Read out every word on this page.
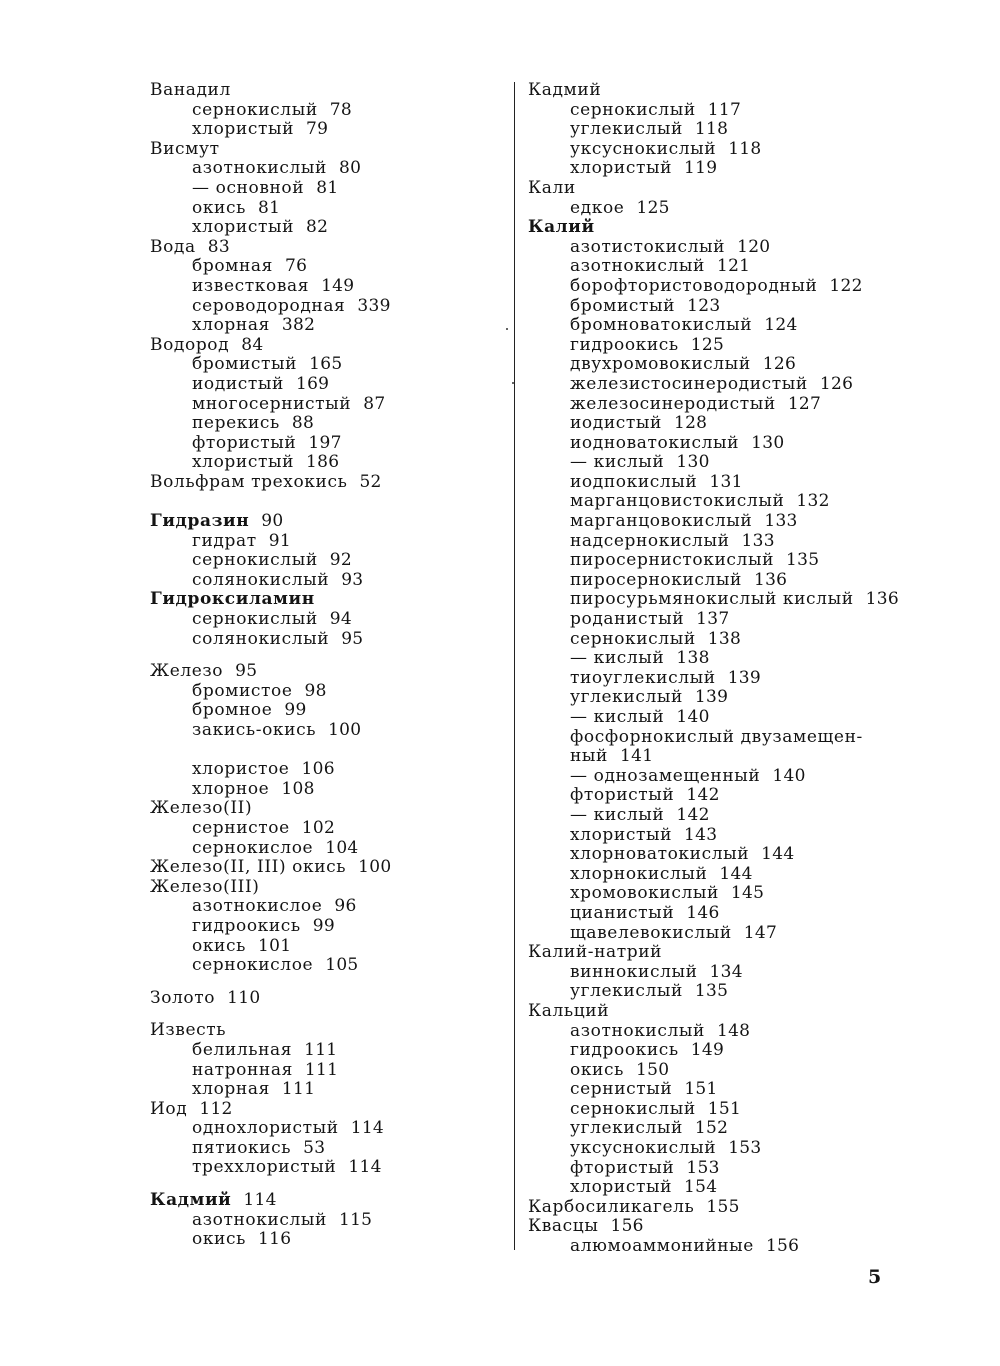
Ванадил
сернокислый 78
хлористый 79
Висмут
азотнокислый 80
— основной 81
окись 81
хлористый 82
Вода 83
бромная 76
известковая 149
сероводородная 339
хлорная 382
Водород 84
бромистый 165
иодистый 169
многосернистый 87
перекись 88
фтористый 197
хлористый 186
Вольфрам трехокись 52
Гидразин 90
гидрат 91
сернокислый 92
солянокислый 93
Гидроксиламин
сернокислый 94
солянокислый 95
Железо 95
бромистое 98
бромное 99
закись-окись 100
хлористое 106
хлорное 108
Железо(II)
сернистое 102
сернокислое 104
Железо(II, III) окись 100
Железо(III)
азотнокислое 96
гидроокись 99
окись 101
сернокислое 105
Золото 110
Известь
белильная 111
натронная 111
хлорная 111
Иод 112
однохлористый 114
пятиокись 53
треххлористый 114
Кадмий 114
азотнокислый 115
окись 116
Кадмий
сернокислый 117
углекислый 118
уксуснокислый 118
хлористый 119
Кали
едкое 125
Калий
азотистокислый 120
азотнокислый 121
борофтористоводородный 122
бромистый 123
бромноватокислый 124
гидроокись 125
двухромовокислый 126
железистосинеродистый 126
железосинеродистый 127
иодистый 128
иодноватокислый 130
— кислый 130
иодпокислый 131
марганцовистокислый 132
марганцовокислый 133
надсернокислый 133
пиросернистокислый 135
пиросернокислый 136
пиросурьмянокислый кислый 136
роданистый 137
сернокислый 138
— кислый 138
тиоуглекислый 139
углекислый 139
— кислый 140
фосфорнокислый двузамещен-
ный 141
— однозамещенный 140
фтористый 142
— кислый 142
хлористый 143
хлорноватокислый 144
хлорнокислый 144
хромовокислый 145
цианистый 146
щавелевокислый 147
Калий-натрий
виннокислый 134
углекислый 135
Кальций
азотнокислый 148
гидроокись 149
окись 150
сернистый 151
сернокислый 151
углекислый 152
уксуснокислый 153
фтористый 153
хлористый 154
Карбосиликагель 155
Квасцы 156
алюмоаммонийные 156
5
